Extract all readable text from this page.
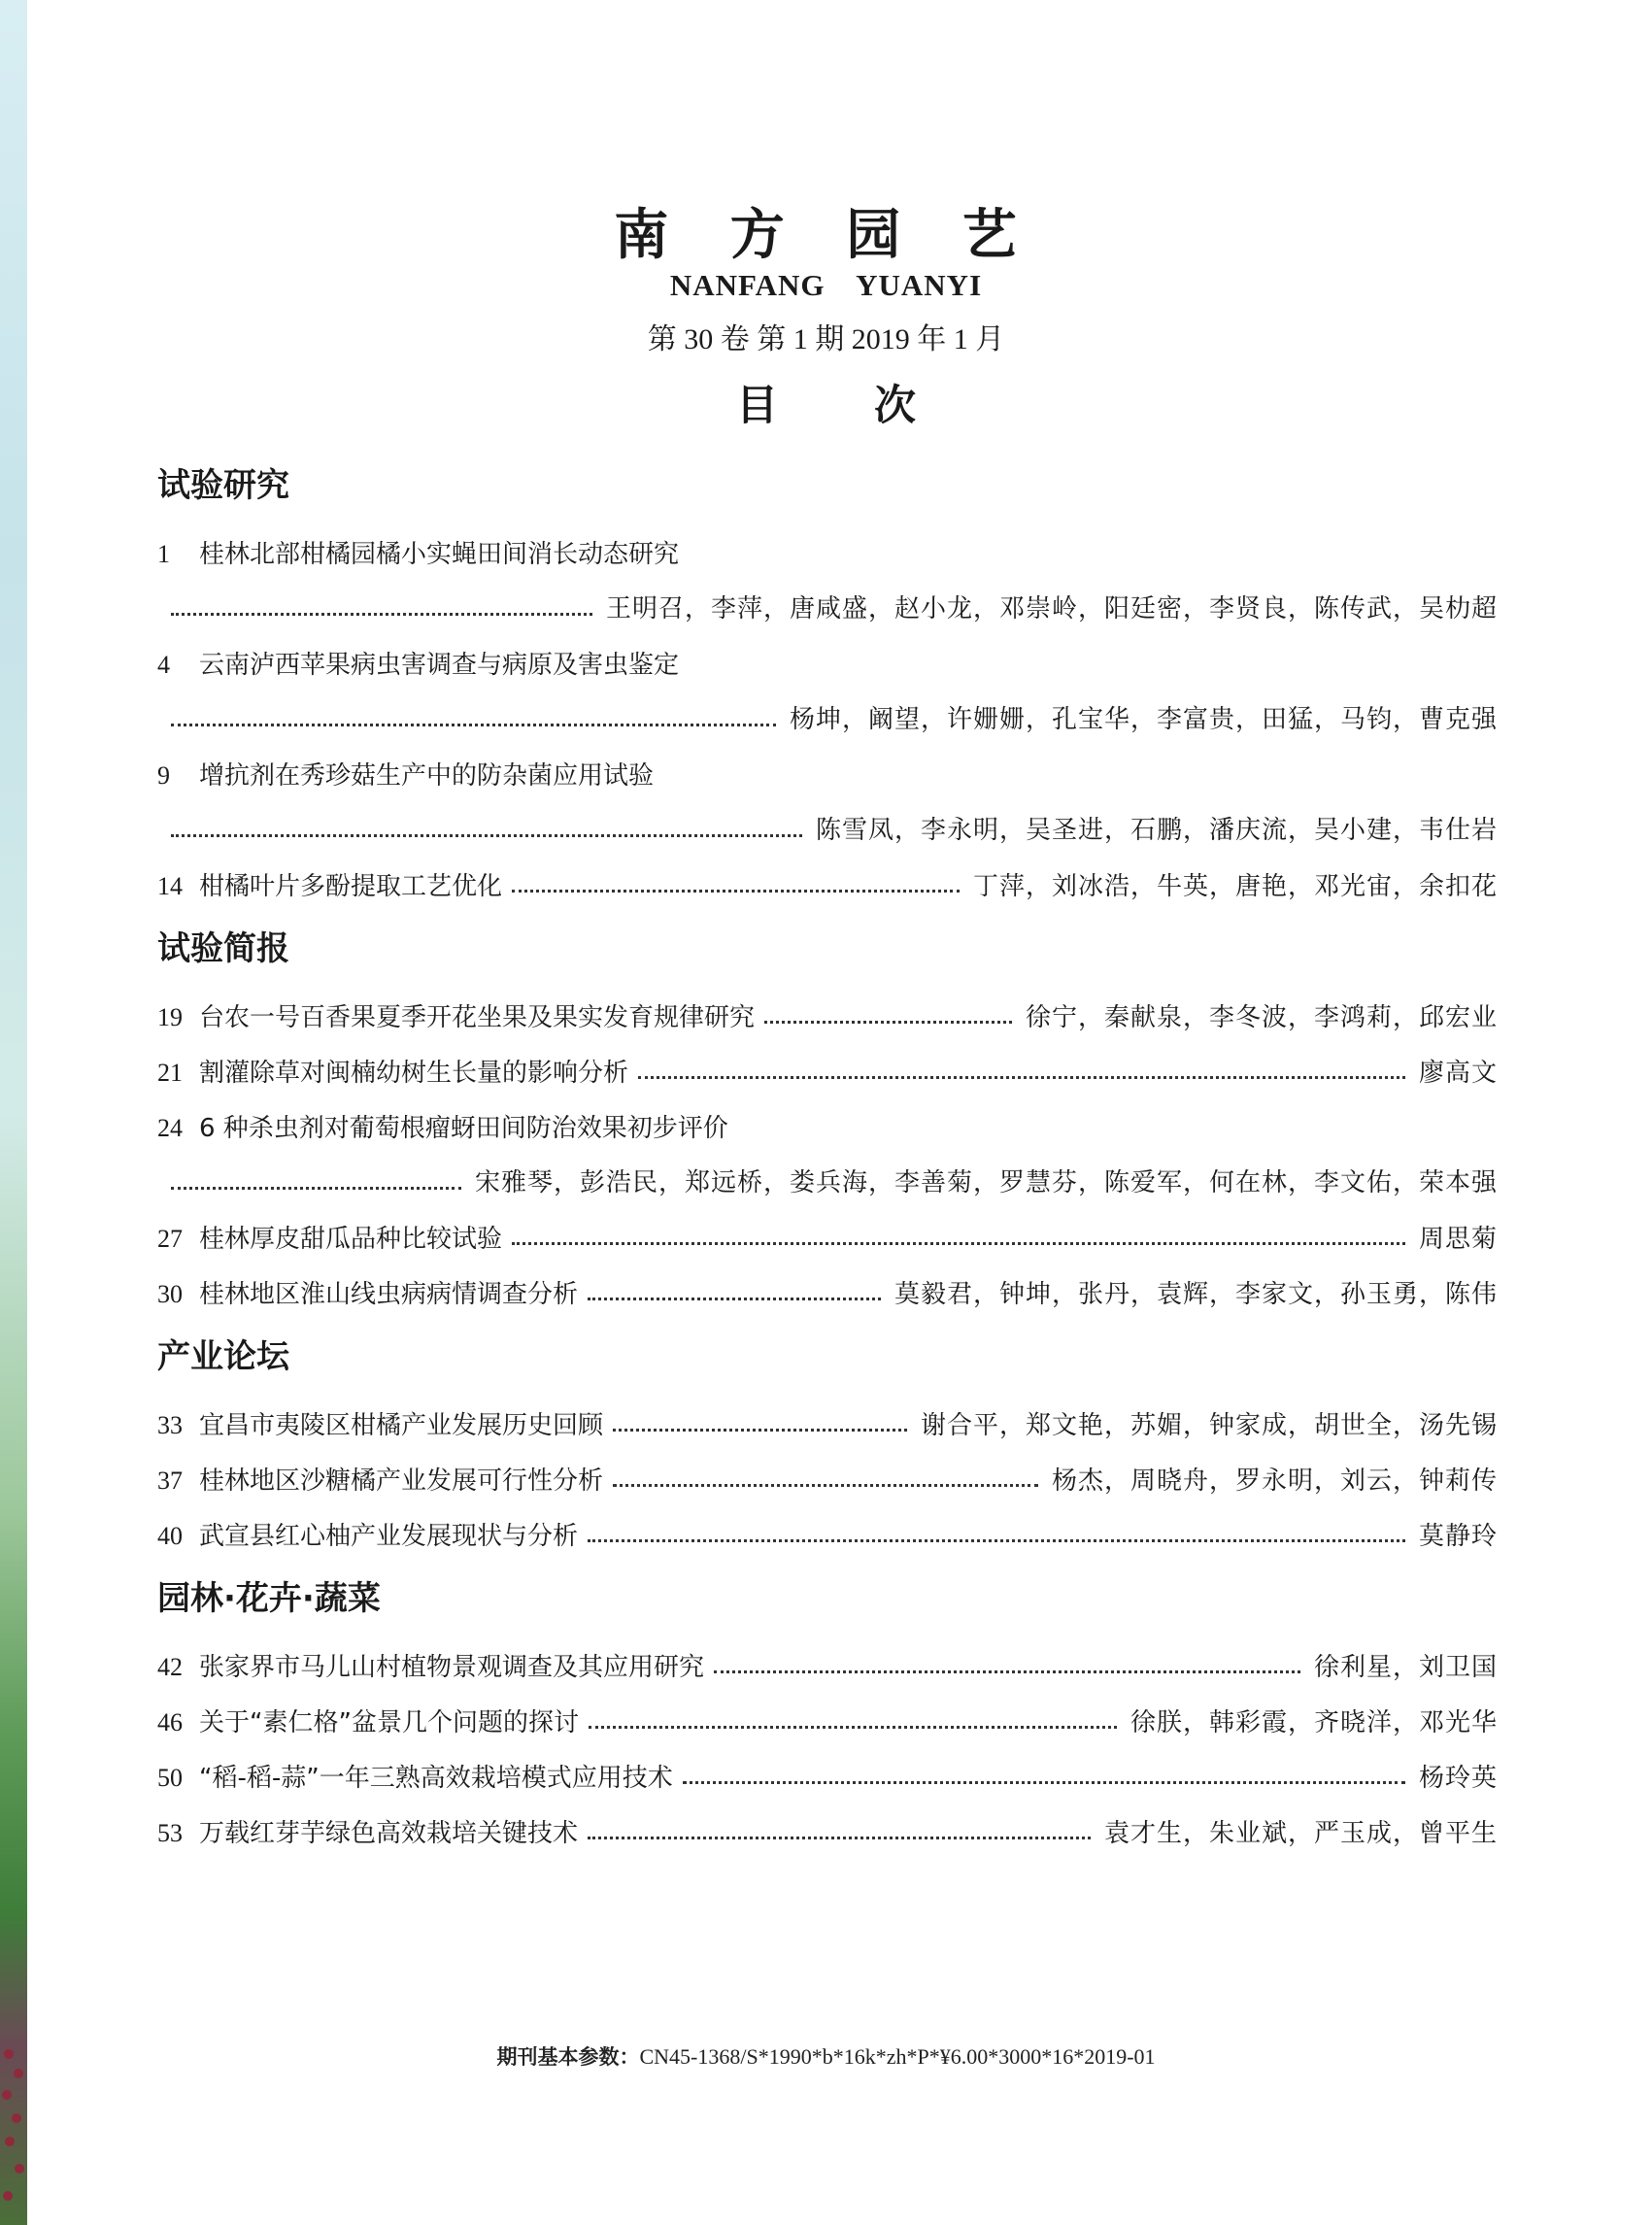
南 方 园 艺
NANFANG YUANYI
第 30 卷 第 1 期 2019 年 1 月
目 次
试验研究
1	桂林北部柑橘园橘小实蝇田间消长动态研究
王明召，李萍，唐咸盛，赵小龙，邓崇岭，阳廷密，李贤良，陈传武，吴朸超
4	云南泸西苹果病虫害调查与病原及害虫鉴定
杨坤，阚望，许姗姗，孔宝华，李富贵，田猛，马钧，曹克强
9	增抗剂在秀珍菇生产中的防杂菌应用试验
陈雪凤，李永明，吴圣进，石鹏，潘庆流，吴小建，韦仕岩
14 柑橘叶片多酚提取工艺优化	丁萍，刘冰浩，牛英，唐艳，邓光宙，余扣花
试验简报
19 台农一号百香果夏季开花坐果及果实发育规律研究	徐宁，秦献泉，李冬波，李鸿莉，邱宏业
21 割灌除草对闽楠幼树生长量的影响分析	廖高文
24 6 种杀虫剂对葡萄根瘤蚜田间防治效果初步评价
宋雅琴，彭浩民，郑远桥，娄兵海，李善菊，罗慧芬，陈爱军，何在林，李文佑，荣本强
27 桂林厚皮甜瓜品种比较试验	周思菊
30 桂林地区淮山线虫病病情调查分析	莫毅君，钟坤，张丹，袁辉，李家文，孙玉勇，陈伟
产业论坛
33 宜昌市夷陵区柑橘产业发展历史回顾	谢合平，郑文艳，苏媚，钟家成，胡世全，汤先锡
37 桂林地区沙糖橘产业发展可行性分析	杨杰，周晓舟，罗永明，刘云，钟莉传
40 武宣县红心柚产业发展现状与分析	莫静玲
园林·花卉·蔬菜
42 张家界市马儿山村植物景观调查及其应用研究	徐利星，刘卫国
46 关于“素仁格”盆景几个问题的探讨	徐朕，韩彩霞，齐晓洋，邓光华
50 “稻-稻-蒜”一年三熟高效栽培模式应用技术	杨玲英
53 万载红芽芋绿色高效栽培关键技术	袁才生，朱业斌，严玉成，曾平生
期刊基本参数：CN45-1368/S*1990*b*16k*zh*P*¥6.00*3000*16*2019-01
